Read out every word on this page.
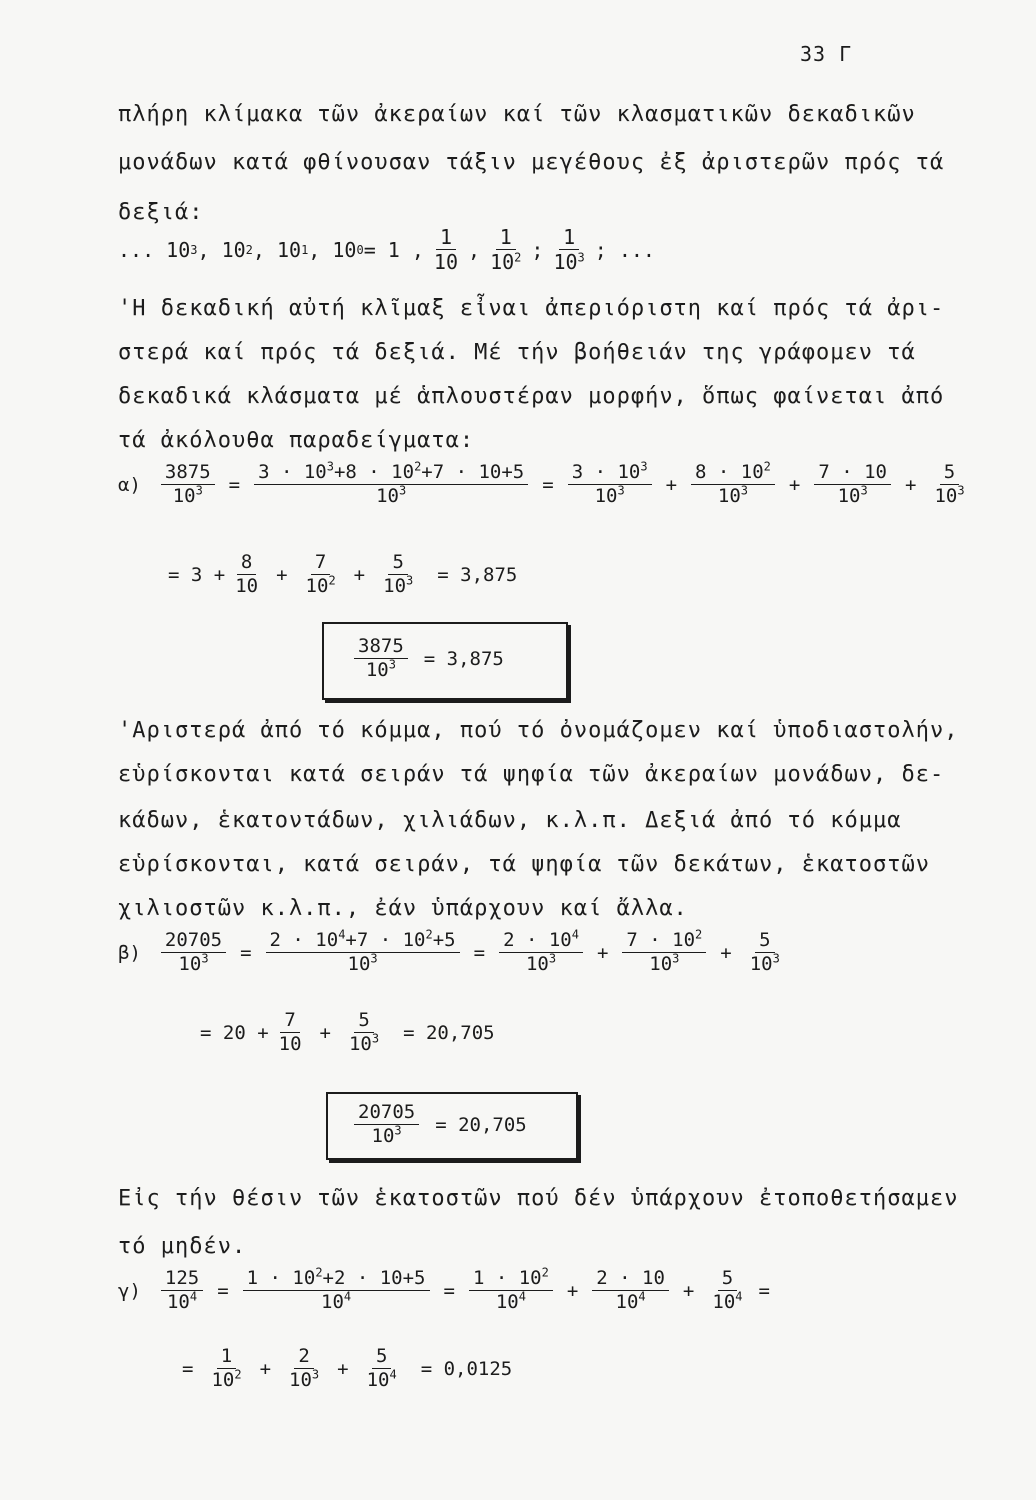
33 Γ
πλήρη κλίμακα τῶν ἀκεραίων καί τῶν κλασματικῶν δεκαδικῶν
μονάδων κατά φθίνουσαν τάξιν μεγέθους ἐξ ἀριστερῶν πρός τά
δεξιά:
... 10 3 , 10 2 , 10 1 , 10 0 = 1 , $\frac{1}{10}$ , $\frac{1}{10^2}$ ; $\frac{1}{10^3}$ ; ...
'Η δεκαδική αὐτή κλῖμαξ εἶναι ἀπεριόριστη καί πρός τά ἀρι-
στερά καί πρός τά δεξιά. Μέ τήν βοήθειάν της γράφομεν τά
δεκαδικά κλάσματα μέ ἁπλουστέραν μορφήν, ὅπως φαίνεται ἀπό
τά ἀκόλουθα παραδείγματα:
$\alpha) \frac{3875}{10^3} = \frac{3 \cdot 10^3+8 \cdot 10^2+7 \cdot 10+5}{10^3} = \frac{3 \cdot 10^3}{10^3} + \frac{8 \cdot 10^2}{10^3} + \frac{7 \cdot 10}{10^3} + \frac{5}{10^3}$
= $3 + \frac{8}{10} + \frac{7}{10^2} + \frac{5}{10^3} = 3,875$
$\frac{3875}{10^3} = 3,875$
'Αριστερά ἀπό τό κόμμα, πού τό ὀνομάζομεν καί ὑποδιαστολήν,
εὑρίσκονται κατά σειράν τά ψηφία τῶν ἀκεραίων μονάδων, δε-
κάδων, ἑκατοντάδων, χιλιάδων, κ.λ.π. Δεξιά ἀπό τό κόμμα
εὑρίσκονται, κατά σειράν, τά ψηφία τῶν δεκάτων, ἑκατοστῶν
χιλιοστῶν κ.λ.π., ἐάν ὑπάρχουν καί ἄλλα.
$\beta) \frac{20705}{10^3} = \frac{2 \cdot 10^4+7 \cdot 10^2+5}{10^3} = \frac{2 \cdot 10^4}{10^3} + \frac{7 \cdot 10^2}{10^3} + \frac{5}{10^3}$
= $20 + \frac{7}{10} + \frac{5}{10^3} = 20,705$
$\frac{20705}{10^3} = 20,705$
Εἰς τήν θέσιν τῶν ἑκατοστῶν πού δέν ὑπάρχουν ἐτοποθετήσαμεν
τό μηδέν.
$\gamma) \frac{125}{10^4} = \frac{1 \cdot 10^2+2 \cdot 10+5}{10^4} = \frac{1 \cdot 10^2}{10^4} + \frac{2 \cdot 10}{10^4} + \frac{5}{10^4}$ =
= $\frac{1}{10^2} + \frac{2}{10^3} + \frac{5}{10^4} = 0,0125$
